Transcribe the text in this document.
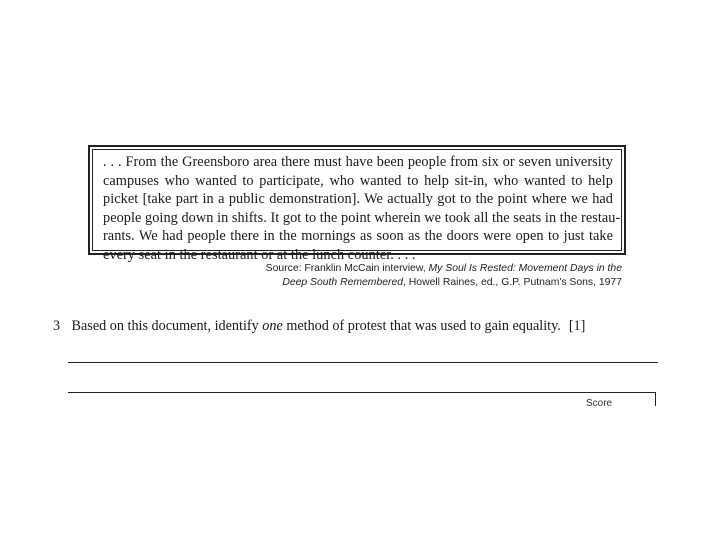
. . . From the Greensboro area there must have been people from six or seven university
campuses who wanted to participate, who wanted to help sit-in, who wanted to help
picket [take part in a public demonstration]. We actually got to the point where we had
people going down in shifts. It got to the point wherein we took all the seats in the restau-
rants. We had people there in the mornings as soon as the doors were open to just take
every seat in the restaurant or at the lunch counter. . . .
Source: Franklin McCain interview, My Soul Is Rested: Movement Days in the
Deep South Remembered, Howell Raines, ed., G.P. Putnam's Sons, 1977
3 Based on this document, identify one method of protest that was used to gain equality. [1]
Score
